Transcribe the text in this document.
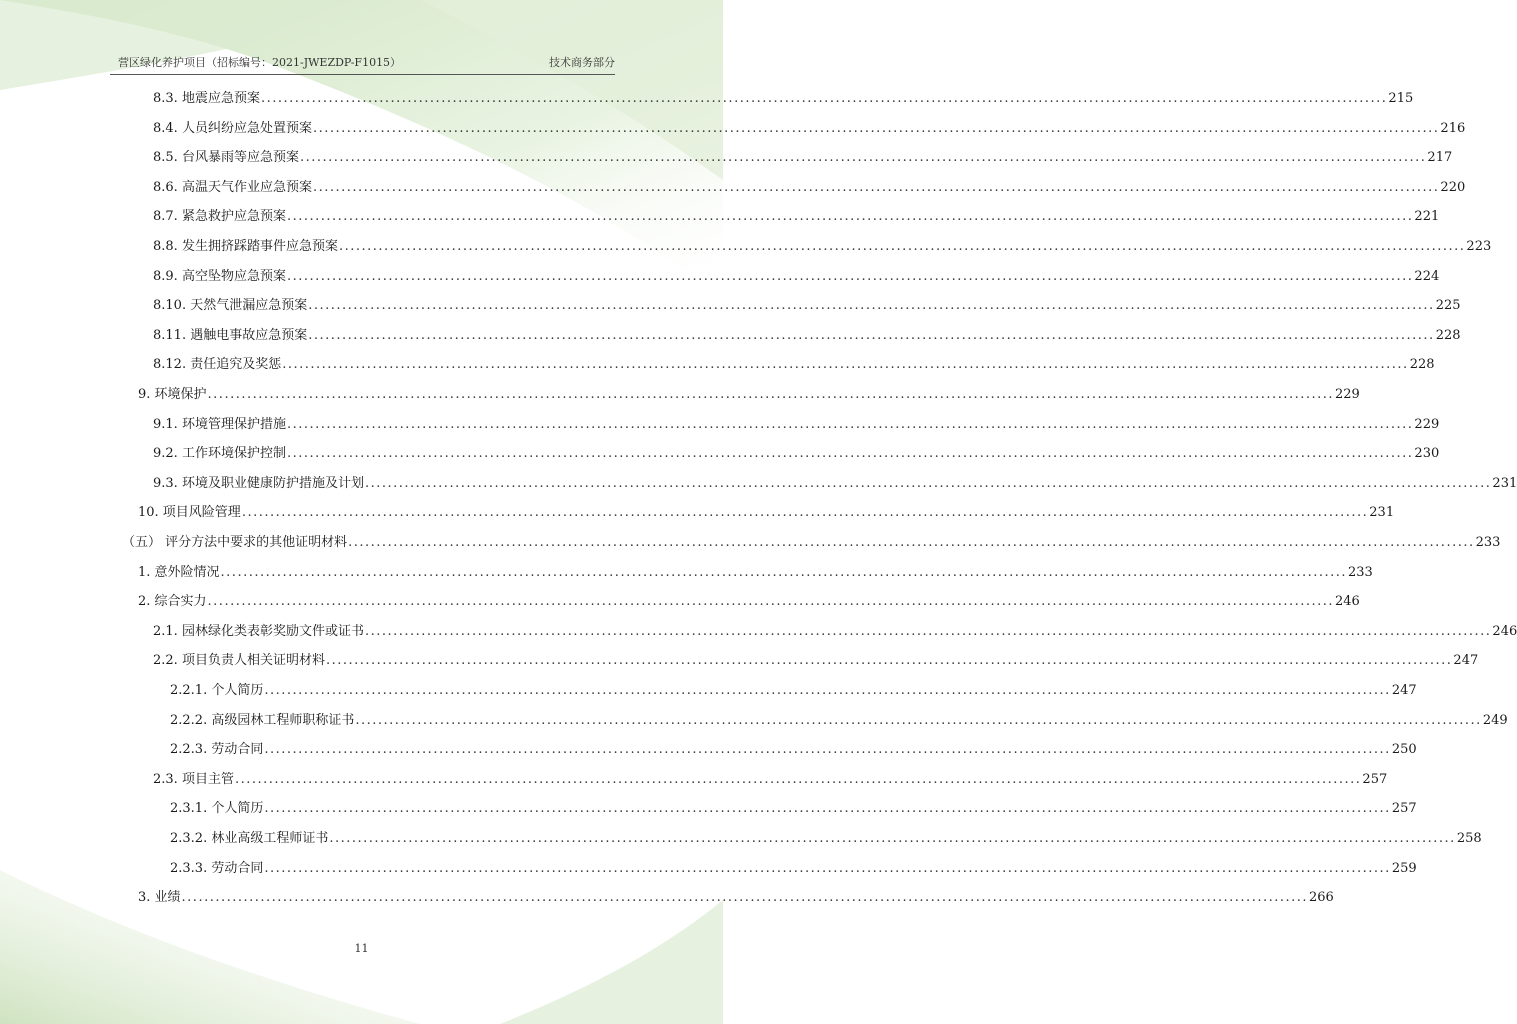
营区绿化养护项目（招标编号：2021-JWEZDP-F1015）	技术商务部分
8.3. 地震应急预案 ........................................................................................................................................................................................................ 215
8.4. 人员纠纷应急处置预案 ........................................................................................................................................................................................................ 216
8.5. 台风暴雨等应急预案 ........................................................................................................................................................................................................ 217
8.6. 高温天气作业应急预案 ........................................................................................................................................................................................................ 220
8.7. 紧急救护应急预案 ........................................................................................................................................................................................................ 221
8.8. 发生拥挤踩踏事件应急预案 ........................................................................................................................................................................................................ 223
8.9. 高空坠物应急预案 ........................................................................................................................................................................................................ 224
8.10. 天然气泄漏应急预案 ........................................................................................................................................................................................................ 225
8.11. 遇触电事故应急预案 ........................................................................................................................................................................................................ 228
8.12. 责任追究及奖惩 ........................................................................................................................................................................................................ 228
9. 环境保护 ........................................................................................................................................................................................................ 229
9.1. 环境管理保护措施 ........................................................................................................................................................................................................ 229
9.2. 工作环境保护控制 ........................................................................................................................................................................................................ 230
9.3. 环境及职业健康防护措施及计划 ........................................................................................................................................................................................................ 231
10. 项目风险管理 ........................................................................................................................................................................................................ 231
（五） 评分方法中要求的其他证明材料 ........................................................................................................................................................................................................ 233
1. 意外险情况 ........................................................................................................................................................................................................ 233
2. 综合实力 ........................................................................................................................................................................................................ 246
2.1. 园林绿化类表彰奖励文件或证书 ........................................................................................................................................................................................................ 246
2.2. 项目负责人相关证明材料 ........................................................................................................................................................................................................ 247
2.2.1. 个人简历 ........................................................................................................................................................................................................ 247
2.2.2. 高级园林工程师职称证书 ........................................................................................................................................................................................................ 249
2.2.3. 劳动合同 ........................................................................................................................................................................................................ 250
2.3. 项目主管 ........................................................................................................................................................................................................ 257
2.3.1. 个人简历 ........................................................................................................................................................................................................ 257
2.3.2. 林业高级工程师证书 ........................................................................................................................................................................................................ 258
2.3.3. 劳动合同 ........................................................................................................................................................................................................ 259
3. 业绩 ........................................................................................................................................................................................................ 266
11
